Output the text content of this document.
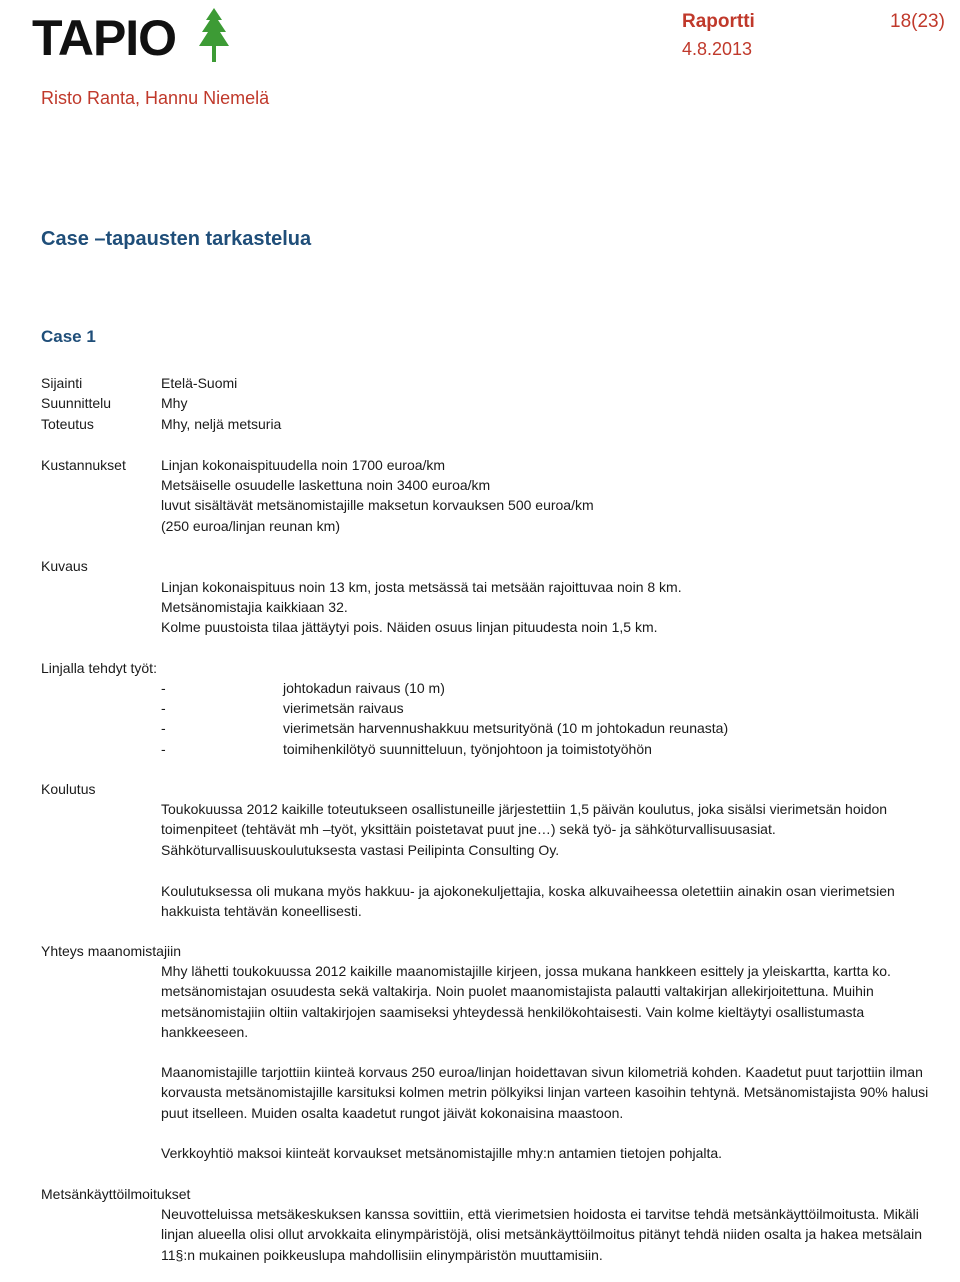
TAPIO	Raportti
4.8.2013
18(23)
Risto Ranta, Hannu Niemelä
Case –tapausten tarkastelua
Case 1
Sijainti	Etelä-Suomi
Suunnittelu	Mhy
Toteutus	Mhy, neljä metsuria
Kustannukset	Linjan kokonaispituudella noin 1700 euroa/km
Metsäiselle osuudelle laskettuna noin 3400 euroa/km
luvut sisältävät metsänomistajille maksetun korvauksen 500 euroa/km
(250 euroa/linjan reunan km)
Kuvaus
Linjan kokonaispituus noin 13 km, josta metsässä tai metsään rajoittuvaa noin 8 km.
Metsänomistajia kaikkiaan 32.
Kolme puustoista tilaa jättäytyi pois. Näiden osuus linjan pituudesta noin 1,5 km.
Linjalla tehdyt työt:
-	johtokadun raivaus (10 m)
-	vierimetsän raivaus
-	vierimetsän harvennushakkuu metsurityönä (10 m johtokadun reunasta)
-	toimihenkilötyö suunnitteluun, työnjohtoon ja toimistotyöhön
Koulutus
Toukokuussa 2012 kaikille toteutukseen osallistuneille järjestettiin 1,5 päivän koulutus, joka sisälsi vierimetsän hoidon toimenpiteet (tehtävät mh –työt, yksittäin poistetavat puut jne…) sekä työ- ja sähköturvallisuusasiat. Sähköturvallisuuskoulutuksesta vastasi Peilipinta Consulting Oy.
Koulutuksessa oli mukana myös hakkuu- ja ajokonekuljettajia, koska alkuvaiheessa oletettiin ainakin osan vierimetsien hakkuista tehtävän koneellisesti.
Yhteys maanomistajiin
Mhy lähetti toukokuussa 2012 kaikille maanomistajille kirjeen, jossa mukana hankkeen esittely ja yleiskartta, kartta ko. metsänomistajan osuudesta sekä valtakirja. Noin puolet maanomistajista palautti valtakirjan allekirjoitettuna. Muihin metsänomistajiin oltiin valtakirjojen saamiseksi yhteydessä henkilökohtaisesti. Vain kolme kieltäytyi osallistumasta hankkeeseen.
Maanomistajille tarjottiin kiinteä korvaus 250 euroa/linjan hoidettavan sivun kilometriä kohden. Kaadetut puut tarjottiin ilman korvausta metsänomistajille karsituksi kolmen metrin pölkyiksi linjan varteen kasoihin tehtynä. Metsänomistajista 90% halusi puut itselleen. Muiden osalta kaadetut rungot jäivät kokonaisina maastoon.
Verkkoyhtiö maksoi kiinteät korvaukset metsänomistajille mhy:n antamien tietojen pohjalta.
Metsänkäyttöilmoitukset
Neuvotteluissa metsäkeskuksen kanssa sovittiin, että vierimetsien hoidosta ei tarvitse tehdä metsänkäyttöilmoitusta. Mikäli linjan alueella olisi ollut arvokkaita elinympäristöjä, olisi metsänkäyttöilmoitus pitänyt tehdä niiden osalta ja hakea metsälain 11§:n mukainen poikkeuslupa mahdollisiin elinympäristön muuttamisiin.
